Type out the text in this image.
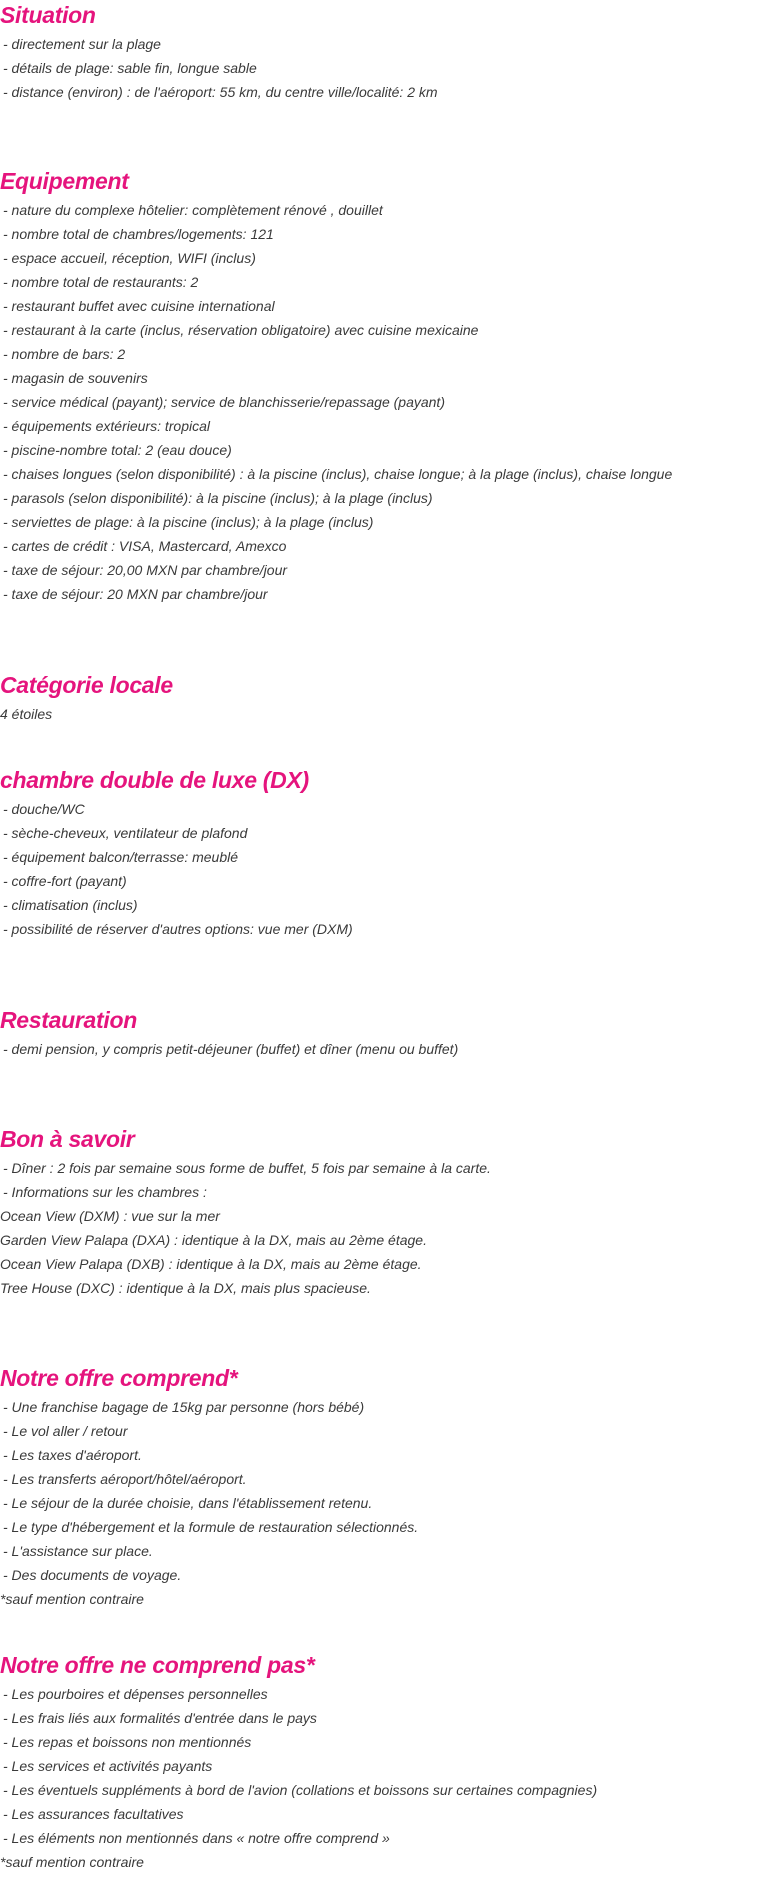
Situation
- directement sur la plage
- détails de plage: sable fin, longue sable
- distance (environ) : de l'aéroport: 55 km, du centre ville/localité: 2 km
Equipement
- nature du complexe hôtelier: complètement rénové , douillet
- nombre total de chambres/logements: 121
- espace accueil, réception, WIFI (inclus)
- nombre total de restaurants: 2
- restaurant buffet avec cuisine international
- restaurant à la carte (inclus, réservation obligatoire) avec cuisine mexicaine
- nombre de bars: 2
- magasin de souvenirs
- service médical (payant); service de blanchisserie/repassage (payant)
- équipements extérieurs: tropical
- piscine-nombre total: 2 (eau douce)
- chaises longues (selon disponibilité) : à la piscine (inclus), chaise longue; à la plage (inclus), chaise longue
- parasols (selon disponibilité): à la piscine (inclus); à la plage (inclus)
- serviettes de plage: à la piscine (inclus); à la plage (inclus)
- cartes de crédit : VISA, Mastercard, Amexco
- taxe de séjour: 20,00 MXN par chambre/jour
- taxe de séjour: 20 MXN par chambre/jour
Catégorie locale
4 étoiles
chambre double de luxe (DX)
- douche/WC
- sèche-cheveux, ventilateur de plafond
- équipement balcon/terrasse: meublé
- coffre-fort (payant)
- climatisation (inclus)
- possibilité de réserver d'autres options: vue mer (DXM)
Restauration
- demi pension, y compris petit-déjeuner (buffet) et dîner (menu ou buffet)
Bon à savoir
- Dîner : 2 fois par semaine sous forme de buffet, 5 fois par semaine à la carte.
- Informations sur les chambres :
Ocean View (DXM) : vue sur la mer
Garden View Palapa (DXA) : identique à la DX, mais au 2ème étage.
Ocean View Palapa (DXB) : identique à la DX, mais au 2ème étage.
Tree House (DXC) : identique à la DX, mais plus spacieuse.
Notre offre comprend*
- Une franchise bagage de 15kg par personne (hors bébé)
- Le vol aller / retour
- Les taxes d'aéroport.
- Les transferts aéroport/hôtel/aéroport.
- Le séjour de la durée choisie, dans l'établissement retenu.
- Le type d'hébergement et la formule de restauration sélectionnés.
- L'assistance sur place.
- Des documents de voyage.
*sauf mention contraire
Notre offre ne comprend pas*
- Les pourboires et dépenses personnelles
- Les frais liés aux formalités d'entrée dans le pays
- Les repas et boissons non mentionnés
- Les services et activités payants
- Les éventuels suppléments à bord de l'avion (collations et boissons sur certaines compagnies)
- Les assurances facultatives
- Les éléments non mentionnés dans « notre offre comprend »
*sauf mention contraire
